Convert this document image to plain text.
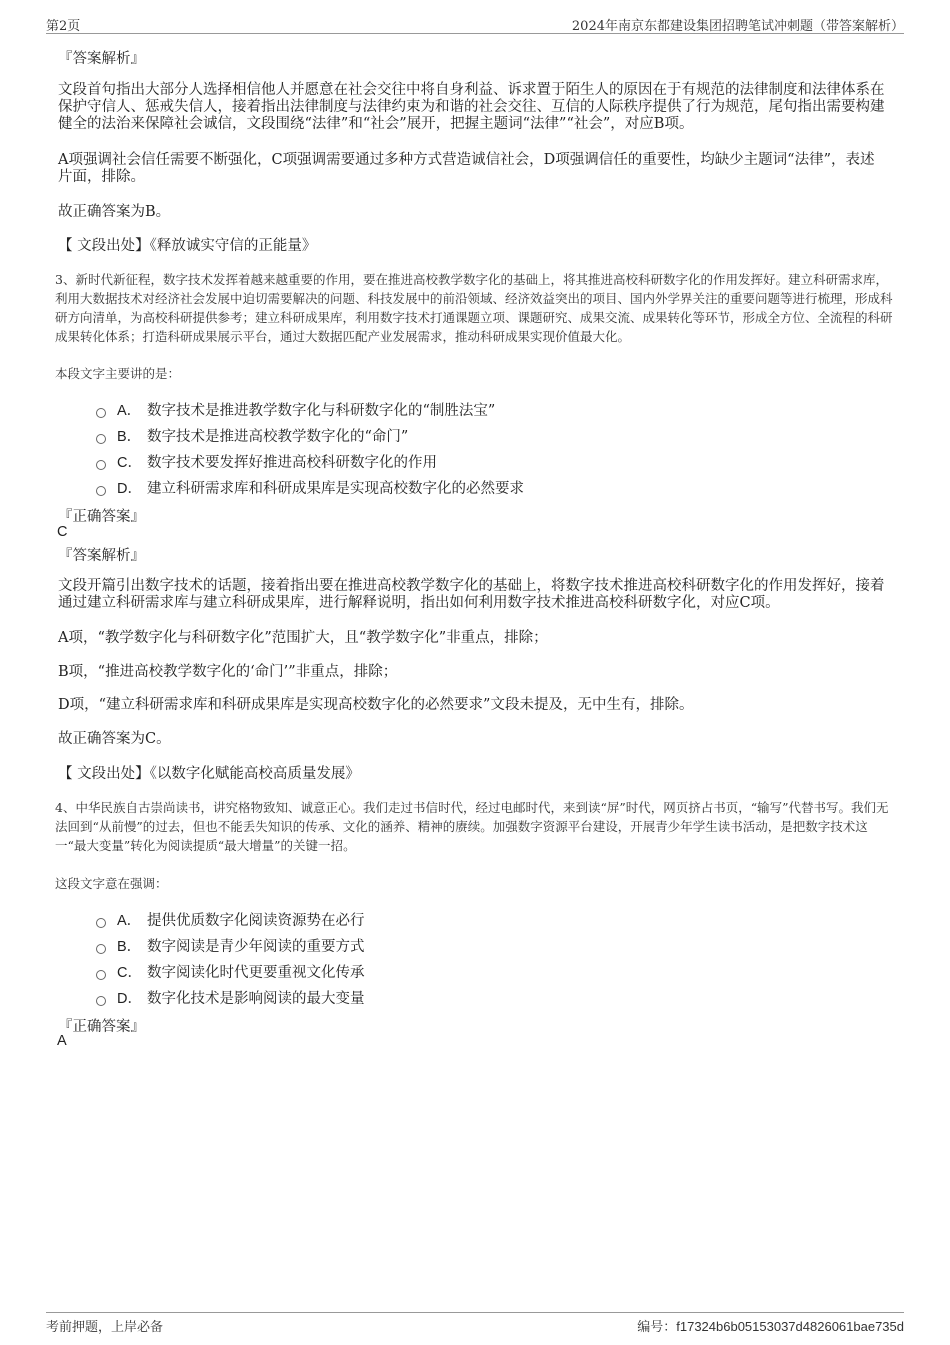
第2页	2024年南京东都建设集团招聘笔试冲刺题（带答案解析）
『答案解析』
文段首句指出大部分人选择相信他人并愿意在社会交往中将自身利益、诉求置于陌生人的原因在于有规范的法律制度和法律体系在保护守信人、惩戒失信人，接着指出法律制度与法律约束为和谐的社会交往、互信的人际秩序提供了行为规范，尾句指出需要构建健全的法治来保障社会诚信，文段围绕“法律”和“社会”展开，把握主题词“法律”“社会”，对应B项。
A项强调社会信任需要不断强化，C项强调需要通过多种方式营造诚信社会，D项强调信任的重要性，均缺少主题词“法律”，表述片面，排除。
故正确答案为B。
【 文段出处】《释放诚实守信的正能量》
3、新时代新征程，数字技术发挥着越来越重要的作用，要在推进高校教学数字化的基础上，将其推进高校科研数字化的作用发挥好。建立科研需求库，利用大数据技术对经济社会发展中迫切需要解决的问题、科技发展中的前沿领域、经济效益突出的项目、国内外学界关注的重要问题等进行梳理，形成科研方向清单，为高校科研提供参考；建立科研成果库，利用数字技术打通课题立项、课题研究、成果交流、成果转化等环节，形成全方位、全流程的科研成果转化体系；打造科研成果展示平台，通过大数据匹配产业发展需求，推动科研成果实现价值最大化。
本段文字主要讲的是：
A． 数字技术是推进教学数字化与科研数字化的“制胜法宝”
B． 数字技术是推进高校教学数字化的“命门”
C． 数字技术要发挥好推进高校科研数字化的作用
D． 建立科研需求库和科研成果库是实现高校数字化的必然要求
『正确答案』
C
『答案解析』
文段开篇引出数字技术的话题，接着指出要在推进高校教学数字化的基础上，将数字技术推进高校科研数字化的作用发挥好，接着通过建立科研需求库与建立科研成果库，进行解释说明，指出如何利用数字技术推进高校科研数字化，对应C项。
A项，“教学数字化与科研数字化”范围扩大，且“教学数字化”非重点，排除；
B项，“推进高校教学数字化的‘命门’”非重点，排除；
D项，“建立科研需求库和科研成果库是实现高校数字化的必然要求”文段未提及，无中生有，排除。
故正确答案为C。
【 文段出处】《以数字化赋能高校高质量发展》
4、中华民族自古崇尚读书，讲究格物致知、诚意正心。我们走过书信时代，经过电邮时代，来到读“屏”时代，网页挤占书页，“输写”代替书写。我们无法回到“从前慢”的过去，但也不能丢失知识的传承、文化的涵养、精神的赓续。加强数字资源平台建设，开展青少年学生读书活动，是把数字技术这一“最大变量”转化为阅读提质“最大增量”的关键一招。
这段文字意在强调：
A． 提供优质数字化阅读资源势在必行
B． 数字阅读是青少年阅读的重要方式
C． 数字阅读化时代更要重视文化传承
D． 数字化技术是影响阅读的最大变量
『正确答案』
A
考前押题，上岸必备	编号：f17324b6b05153037d4826061bae735d
